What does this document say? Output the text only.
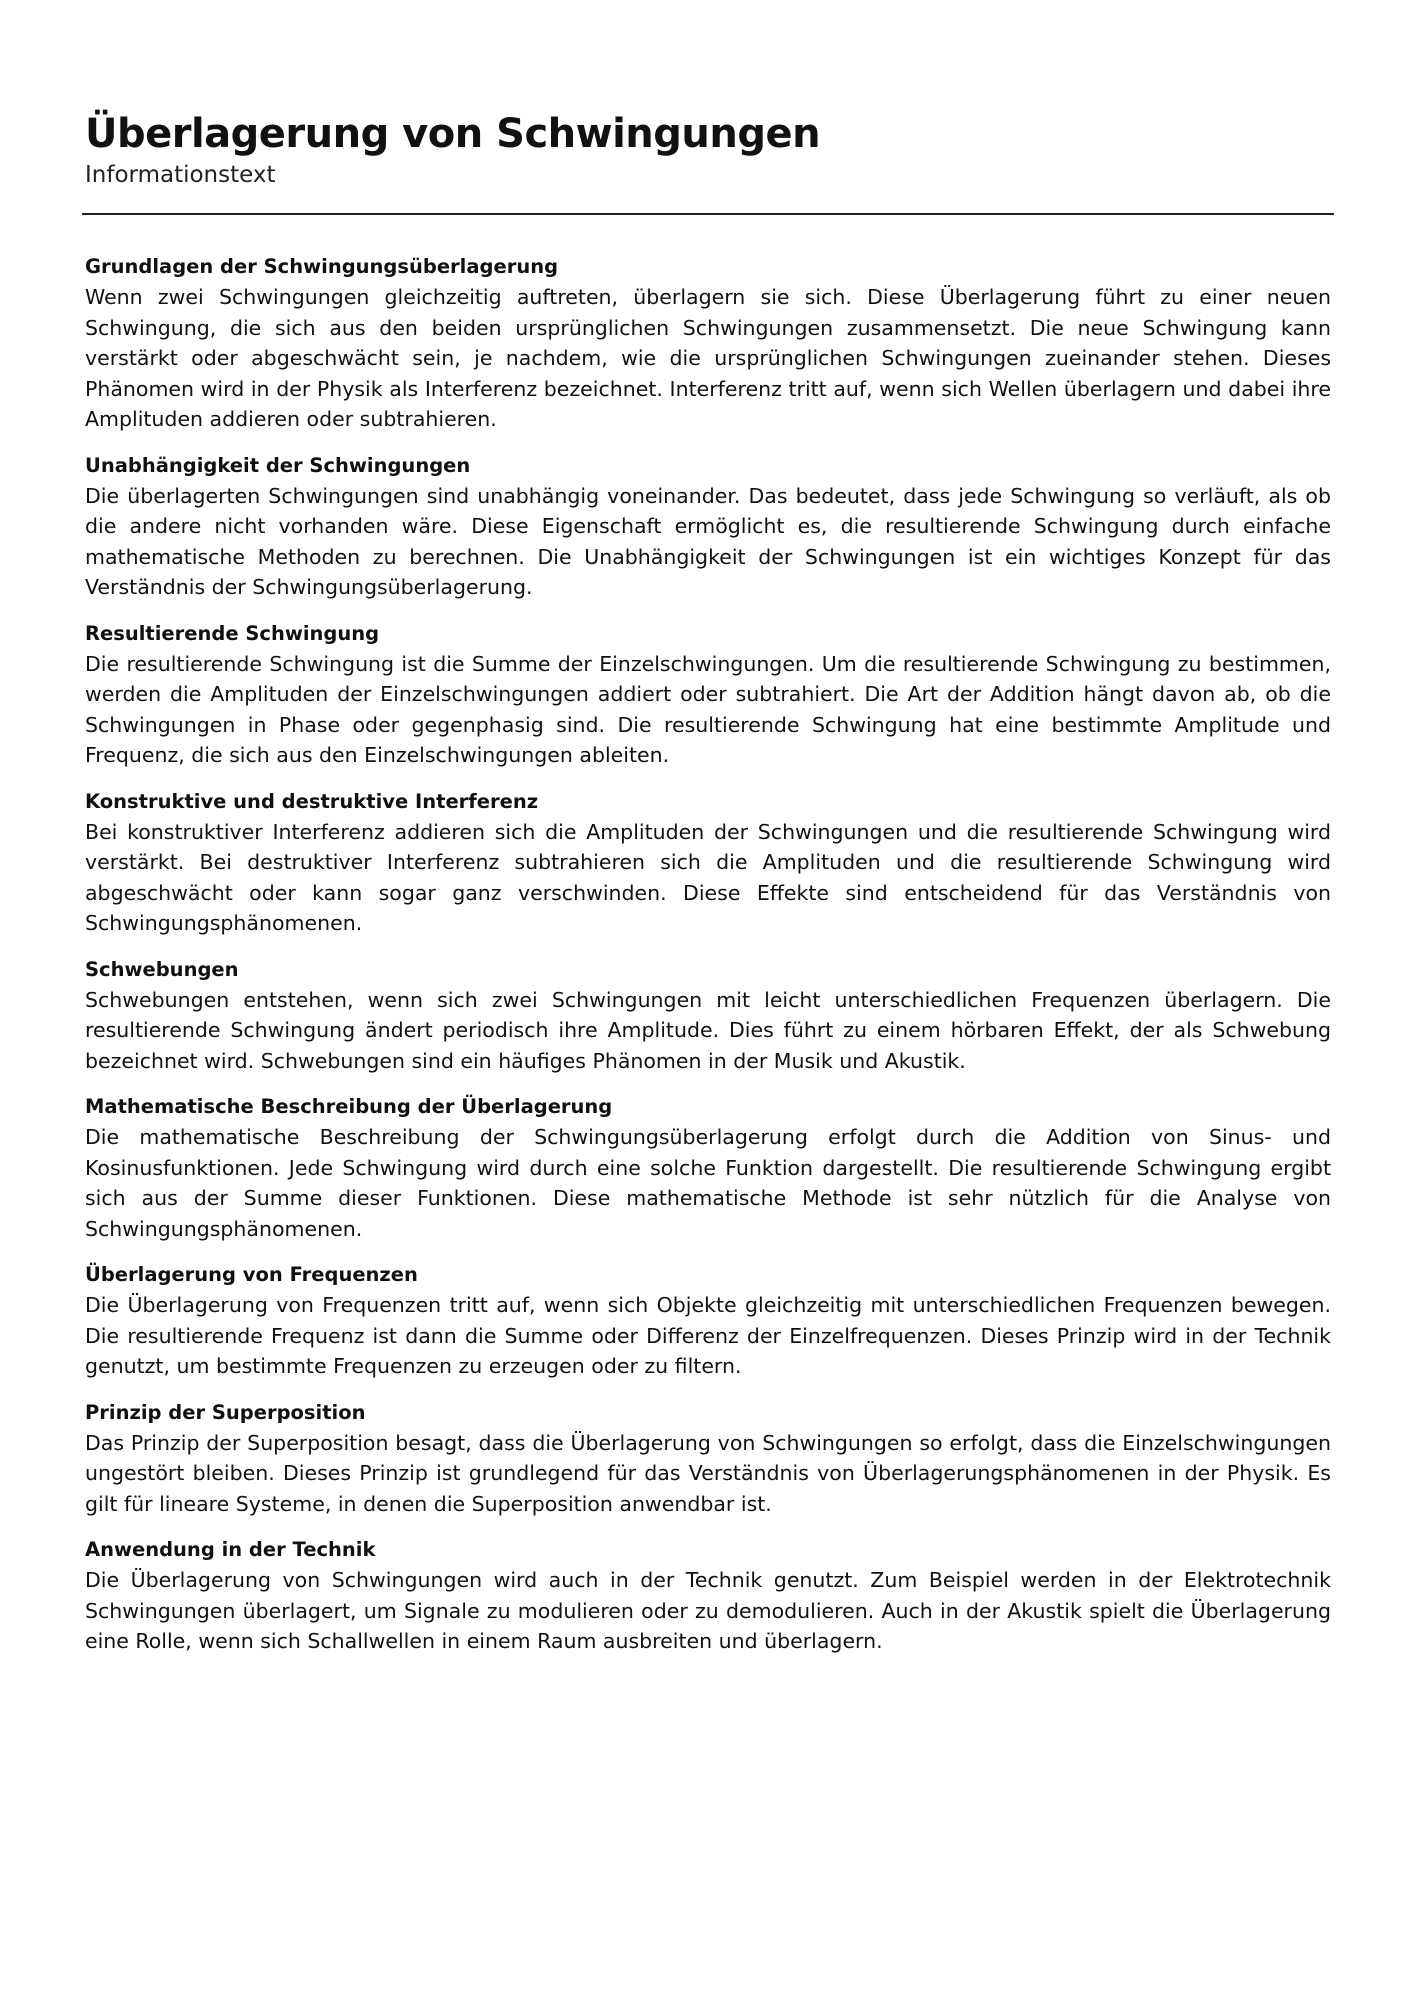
Überlagerung von Schwingungen
Informationstext
Grundlagen der Schwingungsüberlagerung

Wenn zwei Schwingungen gleichzeitig auftreten, überlagern sie sich. Diese Überlagerung führt zu einer neuen Schwingung, die sich aus den beiden ursprünglichen Schwingungen zusammensetzt. Die neue Schwingung kann verstärkt oder abgeschwächt sein, je nachdem, wie die ursprünglichen Schwingungen zueinander stehen. Dieses Phänomen wird in der Physik als Interferenz bezeichnet. Interferenz tritt auf, wenn sich Wellen überlagern und dabei ihre Amplituden addieren oder subtrahieren.

Unabhängigkeit der Schwingungen

Die überlagerten Schwingungen sind unabhängig voneinander. Das bedeutet, dass jede Schwingung so verläuft, als ob die andere nicht vorhanden wäre. Diese Eigenschaft ermöglicht es, die resultierende Schwingung durch einfache mathematische Methoden zu berechnen. Die Unabhängigkeit der Schwingungen ist ein wichtiges Konzept für das Verständnis der Schwingungsüberlagerung.

Resultierende Schwingung

Die resultierende Schwingung ist die Summe der Einzelschwingungen. Um die resultierende Schwingung zu bestimmen, werden die Amplituden der Einzelschwingungen addiert oder subtrahiert. Die Art der Addition hängt davon ab, ob die Schwingungen in Phase oder gegenphasig sind. Die resultierende Schwingung hat eine bestimmte Amplitude und Frequenz, die sich aus den Einzelschwingungen ableiten.

Konstruktive und destruktive Interferenz

Bei konstruktiver Interferenz addieren sich die Amplituden der Schwingungen und die resultierende Schwingung wird verstärkt. Bei destruktiver Interferenz subtrahieren sich die Amplituden und die resultierende Schwingung wird abgeschwächt oder kann sogar ganz verschwinden. Diese Effekte sind entscheidend für das Verständnis von Schwingungsphänomenen.

Schwebungen

Schwebungen entstehen, wenn sich zwei Schwingungen mit leicht unterschiedlichen Frequenzen überlagern. Die resultierende Schwingung ändert periodisch ihre Amplitude. Dies führt zu einem hörbaren Effekt, der als Schwebung bezeichnet wird. Schwebungen sind ein häufiges Phänomen in der Musik und Akustik.

Mathematische Beschreibung der Überlagerung

Die mathematische Beschreibung der Schwingungsüberlagerung erfolgt durch die Addition von Sinus- und Kosinusfunktionen. Jede Schwingung wird durch eine solche Funktion dargestellt. Die resultierende Schwingung ergibt sich aus der Summe dieser Funktionen. Diese mathematische Methode ist sehr nützlich für die Analyse von Schwingungsphänomenen.

Überlagerung von Frequenzen

Die Überlagerung von Frequenzen tritt auf, wenn sich Objekte gleichzeitig mit unterschiedlichen Frequenzen bewegen. Die resultierende Frequenz ist dann die Summe oder Differenz der Einzelfrequenzen. Dieses Prinzip wird in der Technik genutzt, um bestimmte Frequenzen zu erzeugen oder zu filtern.

Prinzip der Superposition

Das Prinzip der Superposition besagt, dass die Überlagerung von Schwingungen so erfolgt, dass die Einzelschwingungen ungestört bleiben. Dieses Prinzip ist grundlegend für das Verständnis von Überlagerungsphänomenen in der Physik. Es gilt für lineare Systeme, in denen die Superposition anwendbar ist.

Anwendung in der Technik

Die Überlagerung von Schwingungen wird auch in der Technik genutzt. Zum Beispiel werden in der Elektrotechnik Schwingungen überlagert, um Signale zu modulieren oder zu demodulieren. Auch in der Akustik spielt die Überlagerung eine Rolle, wenn sich Schallwellen in einem Raum ausbreiten und überlagern.
